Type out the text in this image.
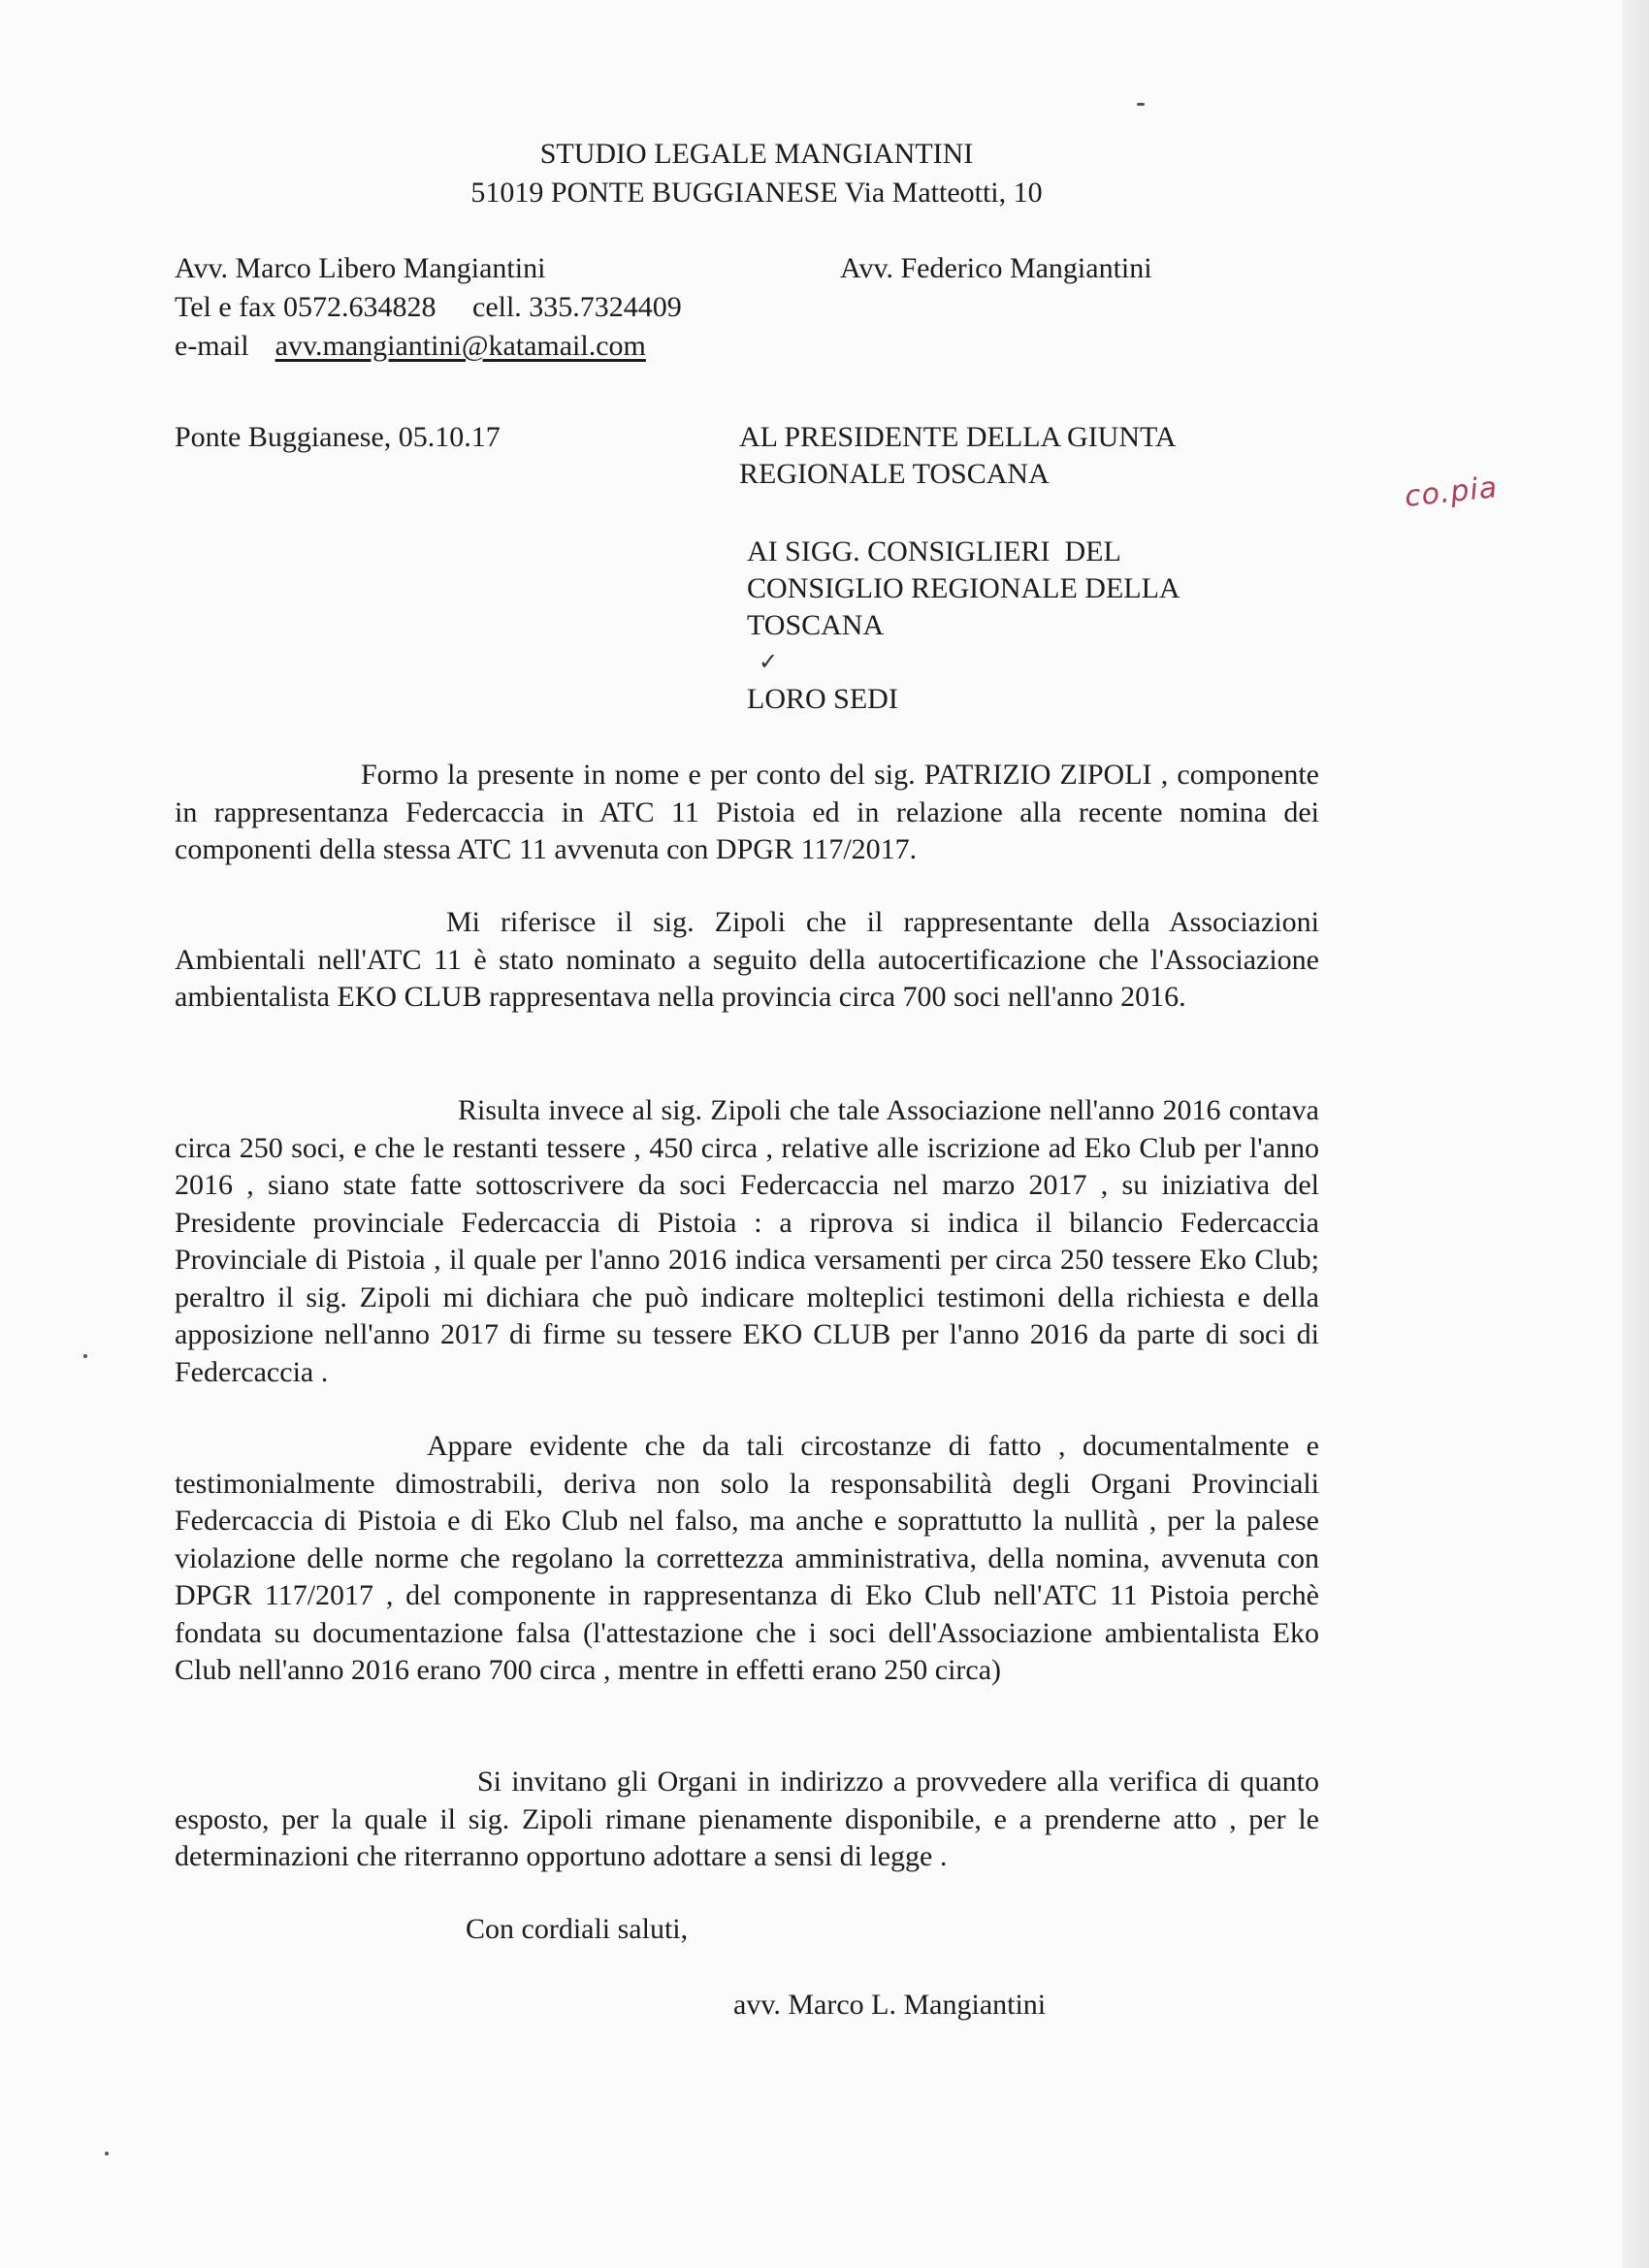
STUDIO LEGALE MANGIANTINI
51019 PONTE BUGGIANESE Via Matteotti, 10
Avv. Marco Libero Mangiantini	Avv. Federico Mangiantini
Tel e fax 0572.634828     cell. 335.7324409
e-mail avv.mangiantini@katamail.com
Ponte Buggianese, 05.10.17	AL PRESIDENTE DELLA GIUNTA
REGIONALE TOSCANA
AI SIGG. CONSIGLIERI  DEL
CONSIGLIO REGIONALE DELLA
TOSCANA
✓
LORO SEDI
co.pia
Formo la presente in nome e per conto del sig. PATRIZIO ZIPOLI , componente in rappresentanza Federcaccia in ATC 11 Pistoia ed in relazione alla recente nomina dei componenti della stessa ATC 11 avvenuta con DPGR 117/2017.
Mi riferisce il sig. Zipoli che il rappresentante della Associazioni Ambientali nell'ATC 11 è stato nominato a seguito della autocertificazione che l'Associazione ambientalista EKO CLUB rappresentava nella provincia circa 700 soci nell'anno 2016.
Risulta invece al sig. Zipoli che tale Associazione nell'anno 2016 contava circa 250 soci, e che le restanti tessere , 450 circa , relative alle iscrizione ad Eko Club per l'anno 2016 , siano state fatte sottoscrivere da soci Federcaccia nel marzo 2017 , su iniziativa del Presidente provinciale Federcaccia di Pistoia : a riprova si indica il bilancio Federcaccia Provinciale di Pistoia , il quale per l'anno 2016 indica versamenti per circa 250 tessere Eko Club; peraltro il sig. Zipoli mi dichiara che può indicare molteplici testimoni della richiesta e della apposizione nell'anno 2017 di firme su tessere EKO CLUB per l'anno 2016 da parte di soci di Federcaccia .
Appare evidente che da tali circostanze di fatto , documentalmente e testimonialmente dimostrabili, deriva non solo la responsabilità degli Organi Provinciali Federcaccia di Pistoia e di Eko Club nel falso, ma anche e soprattutto la nullità , per la palese violazione delle norme che regolano la correttezza amministrativa, della nomina, avvenuta con DPGR 117/2017 , del componente in rappresentanza di Eko Club nell'ATC 11 Pistoia perchè fondata su documentazione falsa (l'attestazione che i soci dell'Associazione ambientalista Eko Club nell'anno 2016 erano 700 circa , mentre in effetti erano 250 circa)
Si invitano gli Organi in indirizzo a provvedere alla verifica di quanto esposto, per la quale il sig. Zipoli rimane pienamente disponibile, e a prenderne atto , per le determinazioni che riterranno opportuno adottare a sensi di legge .
Con cordiali saluti,
avv. Marco L. Mangiantini
